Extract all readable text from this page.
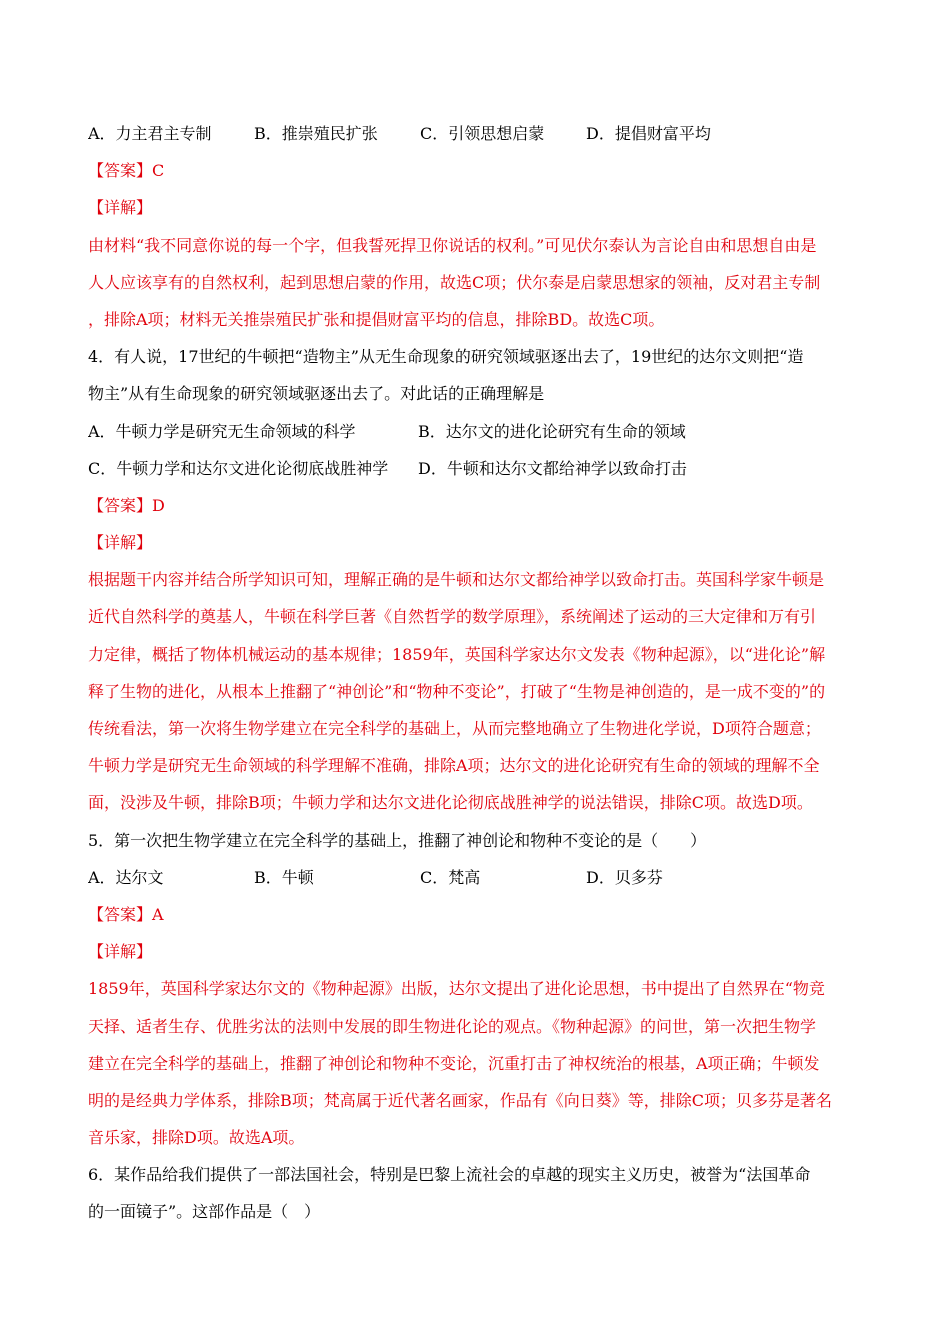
A．力主君主专制	B．推崇殖民扩张	C．引领思想启蒙	D．提倡财富平均
【答案】C
【详解】
由材料“我不同意你说的每一个字，但我誓死捍卫你说话的权利。”可见伏尔泰认为言论自由和思想自由是
人人应该享有的自然权利，起到思想启蒙的作用，故选C项；伏尔泰是启蒙思想家的领袖，反对君主专制
，排除A项；材料无关推崇殖民扩张和提倡财富平均的信息，排除BD。故选C项。
4．有人说，17世纪的牛顿把“造物主”从无生命现象的研究领域驱逐出去了，19世纪的达尔文则把“造
物主”从有生命现象的研究领域驱逐出去了。对此话的正确理解是
A．牛顿力学是研究无生命领域的科学	B．达尔文的进化论研究有生命的领域
C．牛顿力学和达尔文进化论彻底战胜神学	D．牛顿和达尔文都给神学以致命打击
【答案】D
【详解】
根据题干内容并结合所学知识可知，理解正确的是牛顿和达尔文都给神学以致命打击。英国科学家牛顿是
近代自然科学的奠基人，牛顿在科学巨著《自然哲学的数学原理》，系统阐述了运动的三大定律和万有引
力定律，概括了物体机械运动的基本规律；1859年，英国科学家达尔文发表《物种起源》，以“进化论”解
释了生物的进化，从根本上推翻了“神创论”和“物种不变论”，打破了“生物是神创造的，是一成不变的”的
传统看法，第一次将生物学建立在完全科学的基础上，从而完整地确立了生物进化学说，D项符合题意；
牛顿力学是研究无生命领域的科学理解不准确，排除A项；达尔文的进化论研究有生命的领域的理解不全
面，没涉及牛顿，排除B项；牛顿力学和达尔文进化论彻底战胜神学的说法错误，排除C项。故选D项。
5．第一次把生物学建立在完全科学的基础上，推翻了神创论和物种不变论的是（　　）
A．达尔文	B．牛顿	C．梵高	D．贝多芬
【答案】A
【详解】
1859年，英国科学家达尔文的《物种起源》出版，达尔文提出了进化论思想，书中提出了自然界在“物竞
天择、适者生存、优胜劣汰的法则中发展的即生物进化论的观点。《物种起源》的问世，第一次把生物学
建立在完全科学的基础上，推翻了神创论和物种不变论，沉重打击了神权统治的根基，A项正确；牛顿发
明的是经典力学体系，排除B项；梵高属于近代著名画家，作品有《向日葵》等，排除C项；贝多芬是著名
音乐家，排除D项。故选A项。
6．某作品给我们提供了一部法国社会，特别是巴黎上流社会的卓越的现实主义历史，被誉为“法国革命
的一面镜子”。这部作品是（　）
